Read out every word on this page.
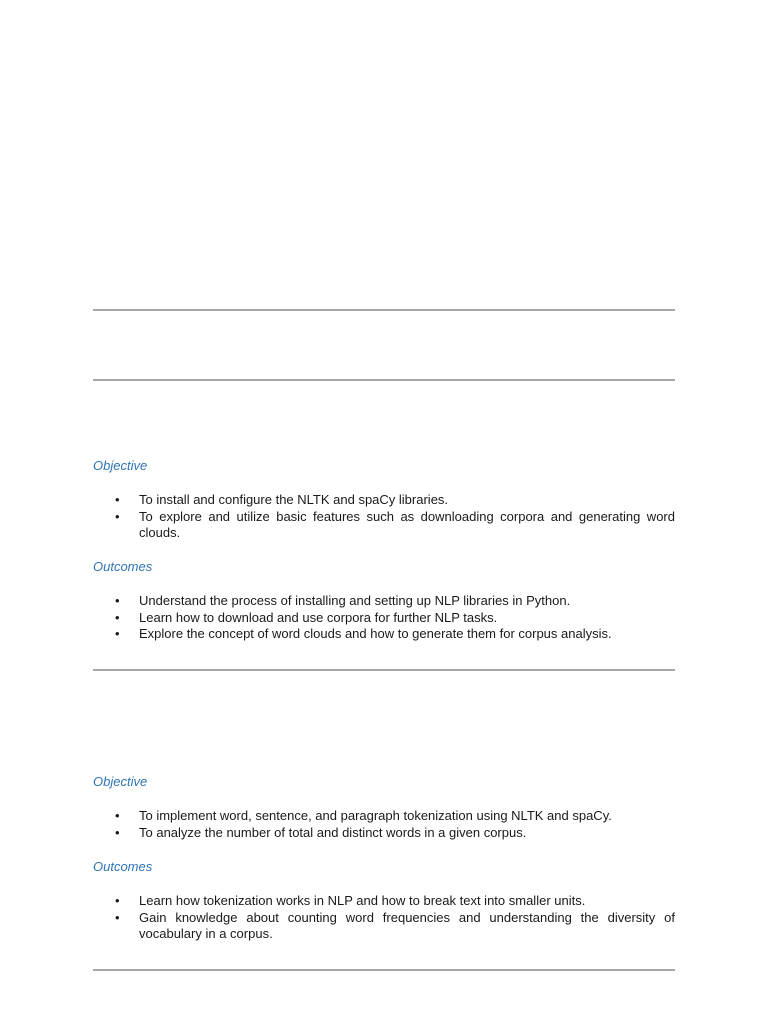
Objective
• To install and configure the NLTK and spaCy libraries.
• To explore and utilize basic features such as downloading corpora and generating word clouds.
Outcomes
• Understand the process of installing and setting up NLP libraries in Python.
• Learn how to download and use corpora for further NLP tasks.
• Explore the concept of word clouds and how to generate them for corpus analysis.
Objective
• To implement word, sentence, and paragraph tokenization using NLTK and spaCy.
• To analyze the number of total and distinct words in a given corpus.
Outcomes
• Learn how tokenization works in NLP and how to break text into smaller units.
• Gain knowledge about counting word frequencies and understanding the diversity of vocabulary in a corpus.
